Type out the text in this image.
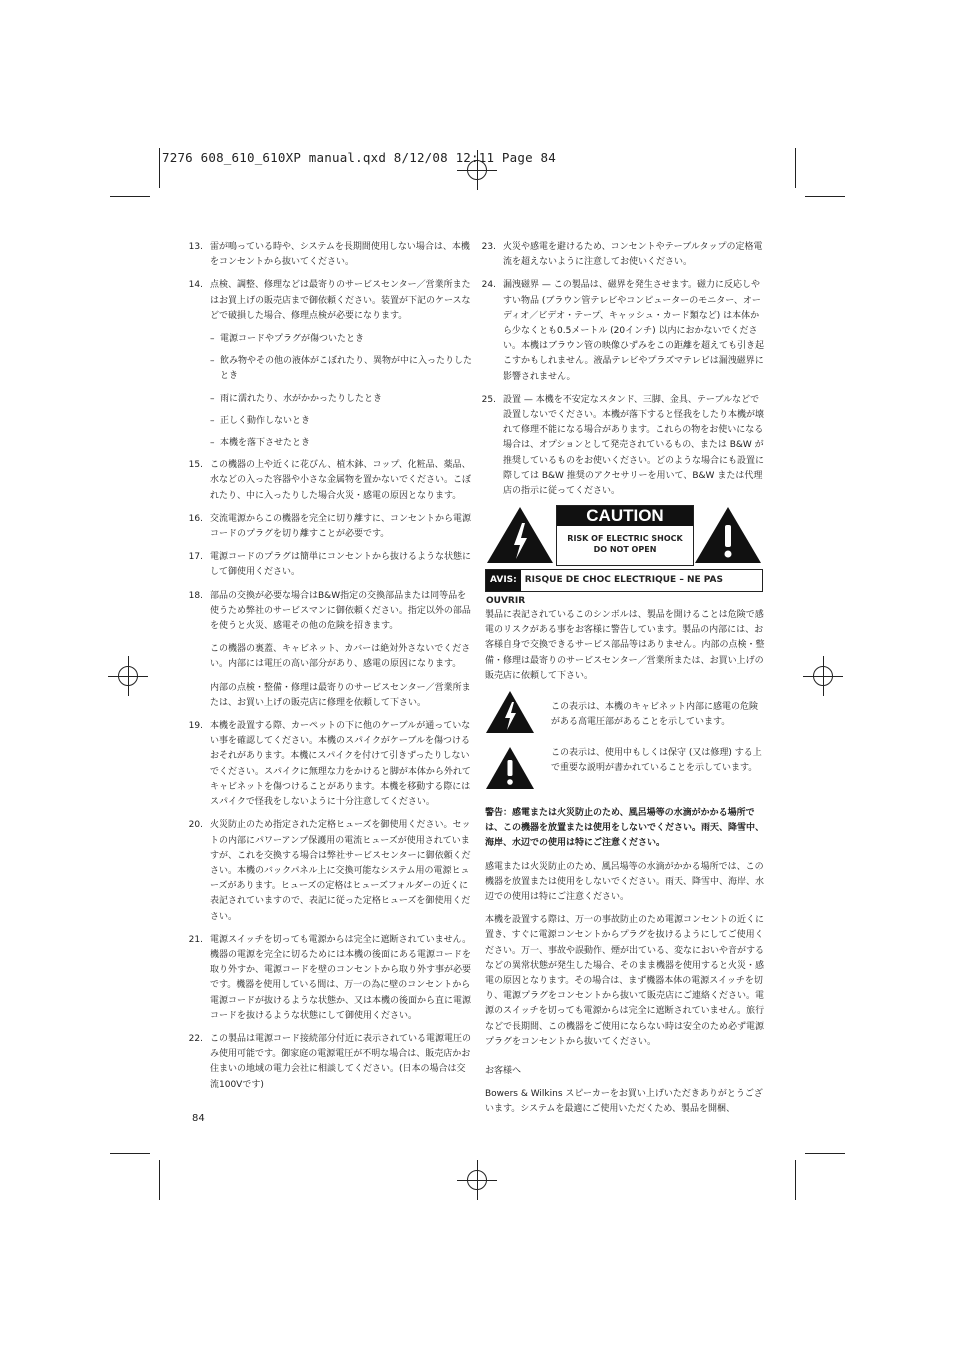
7276 608_610_610XP manual.qxd 8/12/08 12:11 Page 84
13. 雷が鳴っている時や、システムを長期間使用しない場合は、本機をコンセントから抜いてください。
14. 点検、調整、修理などは最寄りのサービスセンター／営業所またはお買上げの販売店まで御依頼ください。装置が下記のケースなどで破損した場合、修理点検が必要になります。
– 電源コードやプラグが傷ついたとき
– 飲み物やその他の液体がこぼれたり、異物が中に入ったりしたとき
– 雨に濡れたり、水がかかったりしたとき
– 正しく動作しないとき
– 本機を落下させたとき
15. この機器の上や近くに花びん、植木鉢、コップ、化粧品、薬品、水などの入った容器や小さな金属物を置かないでください。こぼれたり、中に入ったりした場合火災・感電の原因となります。
16. 交流電源からこの機器を完全に切り離すに、コンセントから電源コードのプラグを切り離すことが必要です。
17. 電源コードのプラグは簡単にコンセントから抜けるような状態にして御使用ください。
18. 部品の交換が必要な場合はB&W指定の交換部品または同等品を使うため弊社のサービスマンに御依頼ください。指定以外の部品を使うと火災、感電その他の危険を招きます。
この機器の裏蓋、キャビネット、カバーは絶対外さないでください。内部には電圧の高い部分があり、感電の原因になります。
内部の点検・整備・修理は最寄りのサービスセンター／営業所または、お買い上げの販売店に修理を依頼して下さい。
19. 本機を設置する際、カーペットの下に他のケーブルが通っていない事を確認してください。本機のスパイクがケーブルを傷つけるおそれがあります。本機にスパイクを付けて引きずったりしないでください。スパイクに無理な力をかけると脚が本体から外れてキャビネットを傷つけることがあります。本機を移動する際にはスパイクで怪我をしないように十分注意してください。
20. 火災防止のため指定された定格ヒューズを御使用ください。セットの内部にパワーアンプ保護用の電流ヒューズが使用されていますが、これを交換する場合は弊社サービスセンターに御依頼ください。本機のバックパネル上に交換可能なシステム用の電源ヒューズがあります。ヒューズの定格はヒューズフォルダーの近くに表記されていますので、表記に従った定格ヒューズを御使用ください。
21. 電源スイッチを切っても電源からは完全に遮断されていません。機器の電源を完全に切るためには本機の後面にある電源コードを取り外すか、電源コードを壁のコンセントから取り外す事が必要です。機器を使用している間は、万一の為に壁のコンセントから電源コードが抜けるような状態か、又は本機の後面から直に電源コードを抜けるような状態にして御使用ください。
22. この製品は電源コード接続部分付近に表示されている電源電圧のみ使用可能です。御家庭の電源電圧が不明な場合は、販売店かお住まいの地域の電力会社に相談してください。(日本の場合は交流100Vです)
84
23. 火災や感電を避けるため、コンセントやテーブルタップの定格電流を超えないように注意してお使いください。
24. 漏洩磁界 — この製品は、磁界を発生させます。磁力に反応しやすい物品 (ブラウン管テレビやコンピューターのモニター、オーディオ／ビデオ・テープ、キャッシュ・カード類など) は本体から少なくとも0.5メートル (20インチ) 以内におかないでください。本機はブラウン管の映像ひずみをこの距離を超えても引き起こすかもしれません。液晶テレビやプラズマテレビは漏洩磁界に影響されません。
25. 設置 — 本機を不安定なスタンド、三脚、金具、テーブルなどで設置しないでください。本機が落下すると怪我をしたり本機が壊れて修理不能になる場合があります。これらの物をお使いになる場合は、オプションとして発売されているもの、または B&W が推奨しているものをお使いください。どのような場合にも設置に際しては B&W 推奨のアクセサリーを用いて、B&W または代理店の指示に従ってください。
CAUTION
RISK OF ELECTRIC SHOCK
DO NOT OPEN
AVIS: RISQUE DE CHOC ELECTRIQUE – NE PAS OUVRIR
製品に表記されているこのシンボルは、製品を開けることは危険で感電のリスクがある事をお客様に警告しています。製品の内部には、お客様自身で交換できるサービス部品等はありません。内部の点検・整備・修理は最寄りのサービスセンター／営業所または、お買い上げの販売店に依頼して下さい。
この表示は、本機のキャビネット内部に感電の危険がある高電圧部があることを示しています。
この表示は、使用中もしくは保守 (又は修理) する上で重要な説明が書かれていることを示しています。
警告：感電または火災防止のため、風呂場等の水滴がかかる場所では、この機器を放置または使用をしないでください。雨天、降雪中、海岸、水辺での使用は特にご注意ください。
感電または火災防止のため、風呂場等の水滴がかかる場所では、この機器を放置または使用をしないでください。雨天、降雪中、海岸、水辺での使用は特にご注意ください。
本機を設置する際は、万一の事故防止のため電源コンセントの近くに置き、すぐに電源コンセントからプラグを抜けるようにしてご使用ください。万一、事故や誤動作、煙が出ている、変なにおいや音がするなどの異常状態が発生した場合、そのまま機器を使用すると火災・感電の原因となります。その場合は、まず機器本体の電源スイッチを切り、電源プラグをコンセントから抜いて販売店にご連絡ください。電源のスイッチを切っても電源からは完全に遮断されていません。旅行などで長期間、この機器をご使用にならない時は安全のため必ず電源プラグをコンセントから抜いてください。
お客様へ
Bowers & Wilkins スピーカーをお買い上げいただきありがとうございます。システムを最適にご使用いただくため、製品を開梱、
